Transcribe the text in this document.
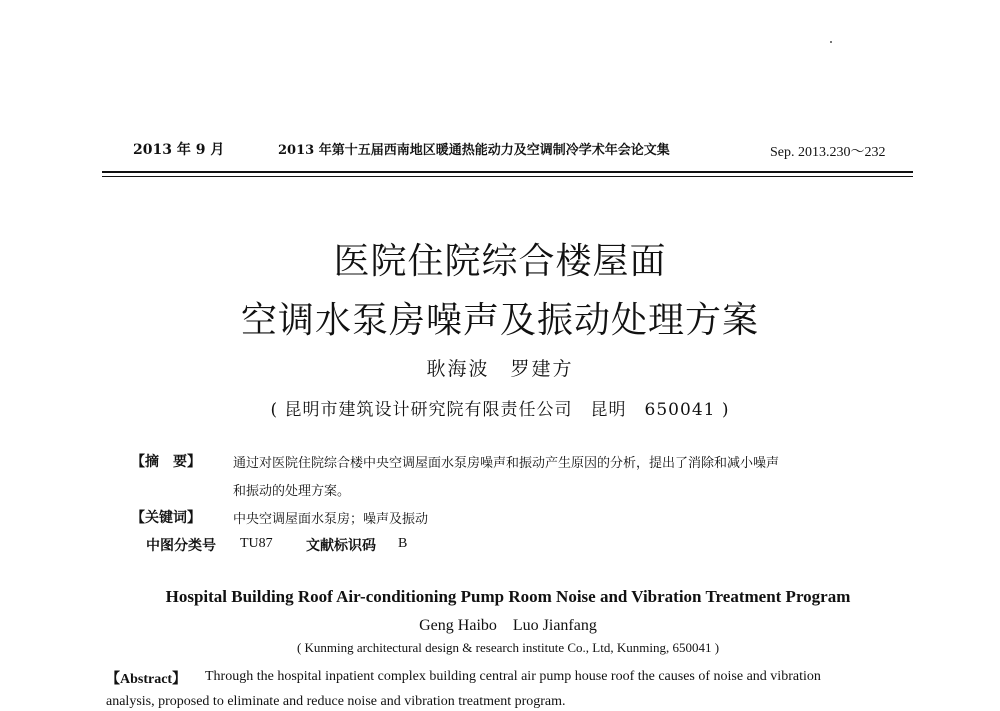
2013 年 9 月	2013 年第十五届西南地区暖通热能动力及空调制冷学术年会论文集	Sep. 2013.230～232
医院住院综合楼屋面
空调水泵房噪声及振动处理方案
耿海波　罗建方
( 昆明市建筑设计研究院有限责任公司　昆明　650041 )
【摘　要】 通过对医院住院综合楼中央空调屋面水泵房噪声和振动产生原因的分析，提出了消除和减小噪声
和振动的处理方案。
【关键词】 中央空调屋面水泵房；噪声及振动
中图分类号 TU87 文献标识码 B
Hospital Building Roof Air-conditioning Pump Room Noise and Vibration Treatment Program
Geng Haibo　Luo Jianfang
( Kunming architectural design & research institute Co., Ltd, Kunming, 650041 )
【Abstract】 Through the hospital inpatient complex building central air pump house roof the causes of noise and vibration
analysis, proposed to eliminate and reduce noise and vibration treatment program.
